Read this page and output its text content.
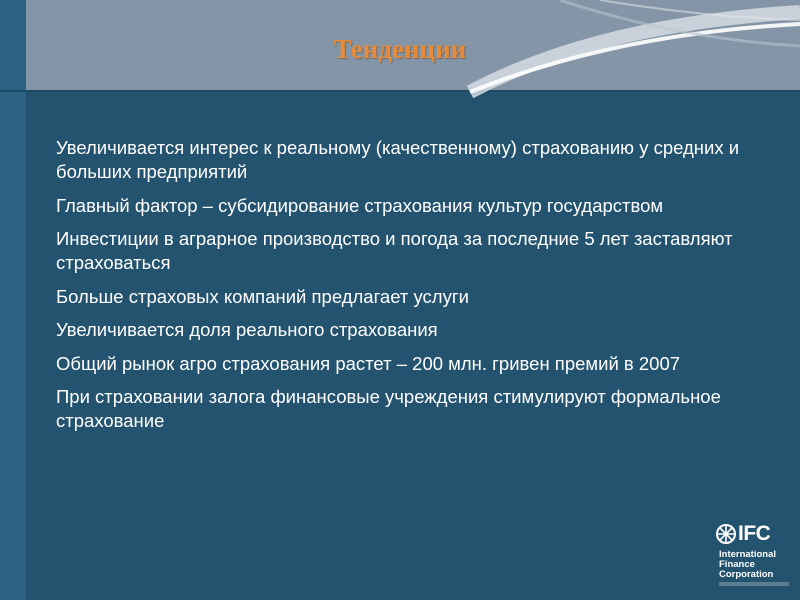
Тенденции
Увеличивается интерес к реальному (качественному) страхованию у средних и больших предприятий
Главный фактор – субсидирование страхования культур государством
Инвестиции в аграрное производство и погода за последние 5 лет заставляют страховаться
Больше страховых компаний предлагает услуги
Увеличивается доля реального страхования
Общий рынок агро страхования растет – 200 млн. гривен премий в 2007
При страховании залога финансовые учреждения стимулируют формальное страхование
IFC
International
Finance
Corporation
